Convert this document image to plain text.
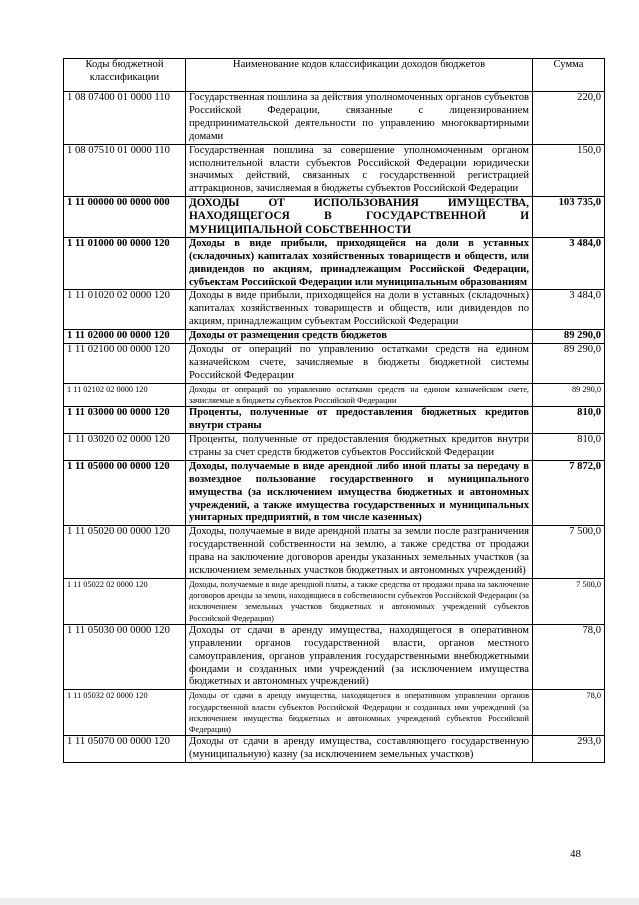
Коды бюджетной классификации	Наименование кодов классификации доходов бюджетов	Сумма
1 08 07400 01 0000 110	Государственная пошлина за действия уполномоченных органов субъектов Российской Федерации, связанные с лицензированием предпринимательской деятельности по управлению многоквартирными домами	220,0
1 08 07510 01 0000 110	Государственная пошлина за совершение уполномоченным органом исполнительной власти субъектов Российской Федерации юридически значимых действий, связанных с государственной регистрацией аттракционов, зачисляемая в бюджеты субъектов Российской Федерации	150,0
1 11 00000 00 0000 000	ДОХОДЫ ОТ ИСПОЛЬЗОВАНИЯ ИМУЩЕСТВА, НАХОДЯЩЕГОСЯ В ГОСУДАРСТВЕННОЙ И МУНИЦИПАЛЬНОЙ СОБСТВЕННОСТИ	103 735,0
1 11 01000 00 0000 120	Доходы в виде прибыли, приходящейся на доли в уставных (складочных) капиталах хозяйственных товариществ и обществ, или дивидендов по акциям, принадлежащим Российской Федерации, субъектам Российской Федерации или муниципальным образованиям	3 484,0
1 11 01020 02 0000 120	Доходы в виде прибыли, приходящейся на доли в уставных (складочных) капиталах хозяйственных товариществ и обществ, или дивидендов по акциям, принадлежащим субъектам Российской Федерации	3 484,0
1 11 02000 00 0000 120	Доходы от размещения средств бюджетов	89 290,0
1 11 02100 00 0000 120	Доходы от операций по управлению остатками средств на едином казначейском счете, зачисляемые в бюджеты бюджетной системы Российской Федерации	89 290,0
1 11 02102 02 0000 120	Доходы от операций по управлению остатками средств на едином казначейском счете, зачисляемые в бюджеты субъектов Российской Федерации	89 290,0
1 11 03000 00 0000 120	Проценты, полученные от предоставления бюджетных кредитов внутри страны	810,0
1 11 03020 02 0000 120	Проценты, полученные от предоставления бюджетных кредитов внутри страны за счет средств бюджетов субъектов Российской Федерации	810,0
1 11 05000 00 0000 120	Доходы, получаемые в виде арендной либо иной платы за передачу в возмездное пользование государственного и муниципального имущества (за исключением имущества бюджетных и автономных учреждений, а также имущества государственных и муниципальных унитарных предприятий, в том числе казенных)	7 872,0
1 11 05020 00 0000 120	Доходы, получаемые в виде арендной платы за земли после разграничения государственной собственности на землю, а также средства от продажи права на заключение договоров аренды указанных земельных участков (за исключением земельных участков бюджетных и автономных учреждений)	7 500,0
1 11 05022 02 0000 120	Доходы, получаемые в виде арендной платы, а также средства от продажи права на заключение договоров аренды за земли, находящиеся в собственности субъектов Российской Федерации (за исключением земельных участков бюджетных и автономных учреждений субъектов Российской Федерации)	7 500,0
1 11 05030 00 0000 120	Доходы от сдачи в аренду имущества, находящегося в оперативном управлении органов государственной власти, органов местного самоуправления, органов управления государственными внебюджетными фондами и созданных ими учреждений (за исключением имущества бюджетных и автономных учреждений)	78,0
1 11 05032 02 0000 120	Доходы от сдачи в аренду имущества, находящегося в оперативном управлении органов государственной власти субъектов Российской Федерации и созданных ими учреждений (за исключением имущества бюджетных и автономных учреждений субъектов Российской Федерации)	78,0
1 11 05070 00 0000 120	Доходы от сдачи в аренду имущества, составляющего государственную (муниципальную) казну (за исключением земельных участков)	293,0
48
